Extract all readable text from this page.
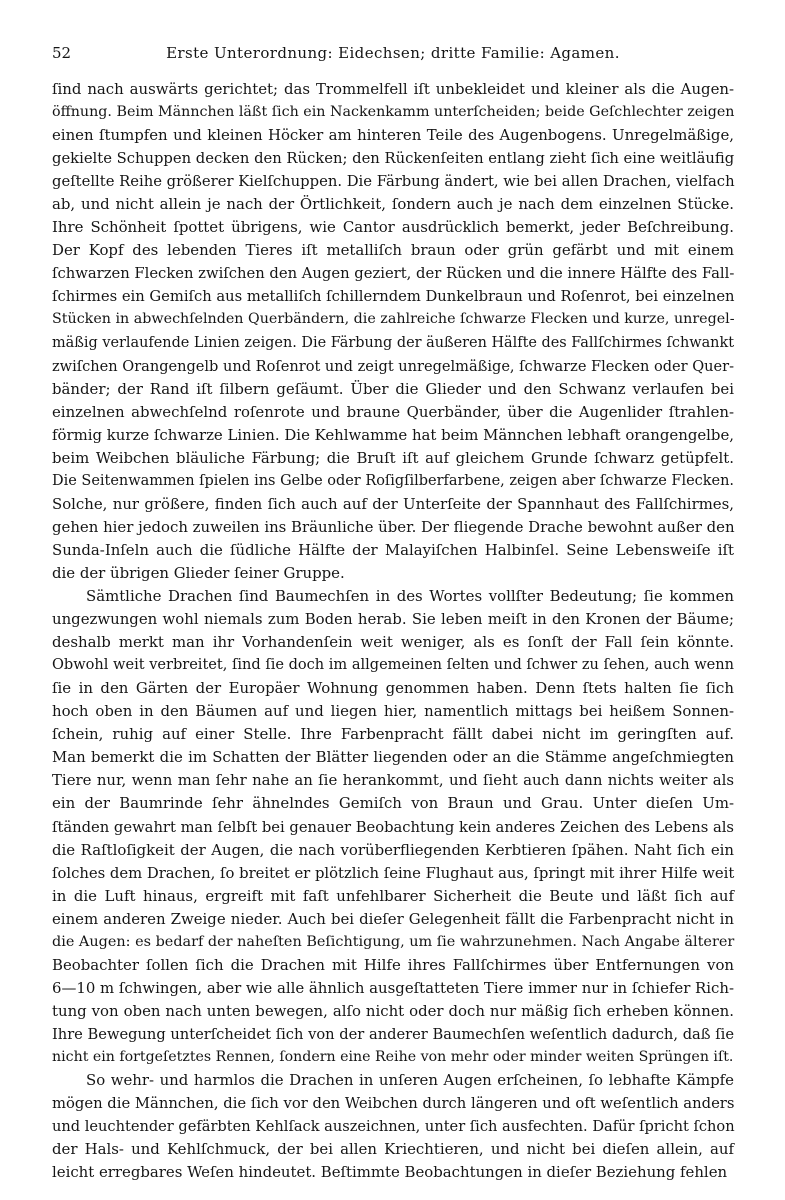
52	Erste Unterordnung: Eidechsen; dritte Familie: Agamen.
ſind nach auswärts gerichtet; das Trommelfell iſt unbekleidet und kleiner als die Augen-
öffnung. Beim Männchen läßt ſich ein Nackenkamm unterſcheiden; beide Geſchlechter zeigen
einen ſtumpfen und kleinen Höcker am hinteren Teile des Augenbogens. Unregelmäßige,
gekielte Schuppen decken den Rücken; den Rückenſeiten entlang zieht ſich eine weitläufig
geſtellte Reihe größerer Kielſchuppen. Die Färbung ändert, wie bei allen Drachen, vielfach
ab, und nicht allein je nach der Örtlichkeit, ſondern auch je nach dem einzelnen Stücke.
Ihre Schönheit ſpottet übrigens, wie Cantor ausdrücklich bemerkt, jeder Beſchreibung.
Der Kopf des lebenden Tieres iſt metalliſch braun oder grün gefärbt und mit einem
ſchwarzen Flecken zwiſchen den Augen geziert, der Rücken und die innere Hälfte des Fall-
ſchirmes ein Gemiſch aus metalliſch ſchillerndem Dunkelbraun und Roſenrot, bei einzelnen
Stücken in abwechſelnden Querbändern, die zahlreiche ſchwarze Flecken und kurze, unregel-
mäßig verlaufende Linien zeigen. Die Färbung der äußeren Hälfte des Fallſchirmes ſchwankt
zwiſchen Orangengelb und Roſenrot und zeigt unregelmäßige, ſchwarze Flecken oder Quer-
bänder; der Rand iſt ſilbern geſäumt. Über die Glieder und den Schwanz verlaufen bei
einzelnen abwechſelnd roſenrote und braune Querbänder, über die Augenlider ſtrahlen-
förmig kurze ſchwarze Linien. Die Kehlwamme hat beim Männchen lebhaft orangengelbe,
beim Weibchen bläuliche Färbung; die Bruſt iſt auf gleichem Grunde ſchwarz getüpfelt.
Die Seitenwammen ſpielen ins Gelbe oder Roſigſilberfarbene, zeigen aber ſchwarze Flecken.
Solche, nur größere, finden ſich auch auf der Unterſeite der Spannhaut des Fallſchirmes,
gehen hier jedoch zuweilen ins Bräunliche über. Der fliegende Drache bewohnt außer den
Sunda-Inſeln auch die ſüdliche Hälfte der Malayiſchen Halbinſel. Seine Lebensweiſe iſt
die der übrigen Glieder ſeiner Gruppe.
Sämtliche Drachen ſind Baumechſen in des Wortes vollſter Bedeutung; ſie kommen
ungezwungen wohl niemals zum Boden herab. Sie leben meiſt in den Kronen der Bäume;
deshalb merkt man ihr Vorhandenſein weit weniger, als es ſonſt der Fall ſein könnte.
Obwohl weit verbreitet, ſind ſie doch im allgemeinen ſelten und ſchwer zu ſehen, auch wenn
ſie in den Gärten der Europäer Wohnung genommen haben. Denn ſtets halten ſie ſich
hoch oben in den Bäumen auf und liegen hier, namentlich mittags bei heißem Sonnen-
ſchein, ruhig auf einer Stelle. Ihre Farbenpracht fällt dabei nicht im geringſten auf.
Man bemerkt die im Schatten der Blätter liegenden oder an die Stämme angeſchmiegten
Tiere nur, wenn man ſehr nahe an ſie herankommt, und ſieht auch dann nichts weiter als
ein der Baumrinde ſehr ähnelndes Gemiſch von Braun und Grau. Unter dieſen Um-
ſtänden gewahrt man ſelbſt bei genauer Beobachtung kein anderes Zeichen des Lebens als
die Raſtloſigkeit der Augen, die nach vorüberfliegenden Kerbtieren ſpähen. Naht ſich ein
ſolches dem Drachen, ſo breitet er plötzlich ſeine Flughaut aus, ſpringt mit ihrer Hilfe weit
in die Luft hinaus, ergreift mit faſt unfehlbarer Sicherheit die Beute und läßt ſich auf
einem anderen Zweige nieder. Auch bei dieſer Gelegenheit fällt die Farbenpracht nicht in
die Augen: es bedarf der naheſten Beſichtigung, um ſie wahrzunehmen. Nach Angabe älterer
Beobachter ſollen ſich die Drachen mit Hilfe ihres Fallſchirmes über Entfernungen von
6—10 m ſchwingen, aber wie alle ähnlich ausgeſtatteten Tiere immer nur in ſchiefer Rich-
tung von oben nach unten bewegen, alſo nicht oder doch nur mäßig ſich erheben können.
Ihre Bewegung unterſcheidet ſich von der anderer Baumechſen weſentlich dadurch, daß ſie
nicht ein fortgeſetztes Rennen, ſondern eine Reihe von mehr oder minder weiten Sprüngen iſt.
So wehr- und harmlos die Drachen in unſeren Augen erſcheinen, ſo lebhafte Kämpfe
mögen die Männchen, die ſich vor den Weibchen durch längeren und oft weſentlich anders
und leuchtender gefärbten Kehlſack auszeichnen, unter ſich ausfechten. Dafür ſpricht ſchon
der Hals- und Kehlſchmuck, der bei allen Kriechtieren, und nicht bei dieſen allein, auf
leicht erregbares Weſen hindeutet. Beſtimmte Beobachtungen in dieſer Beziehung fehlen
